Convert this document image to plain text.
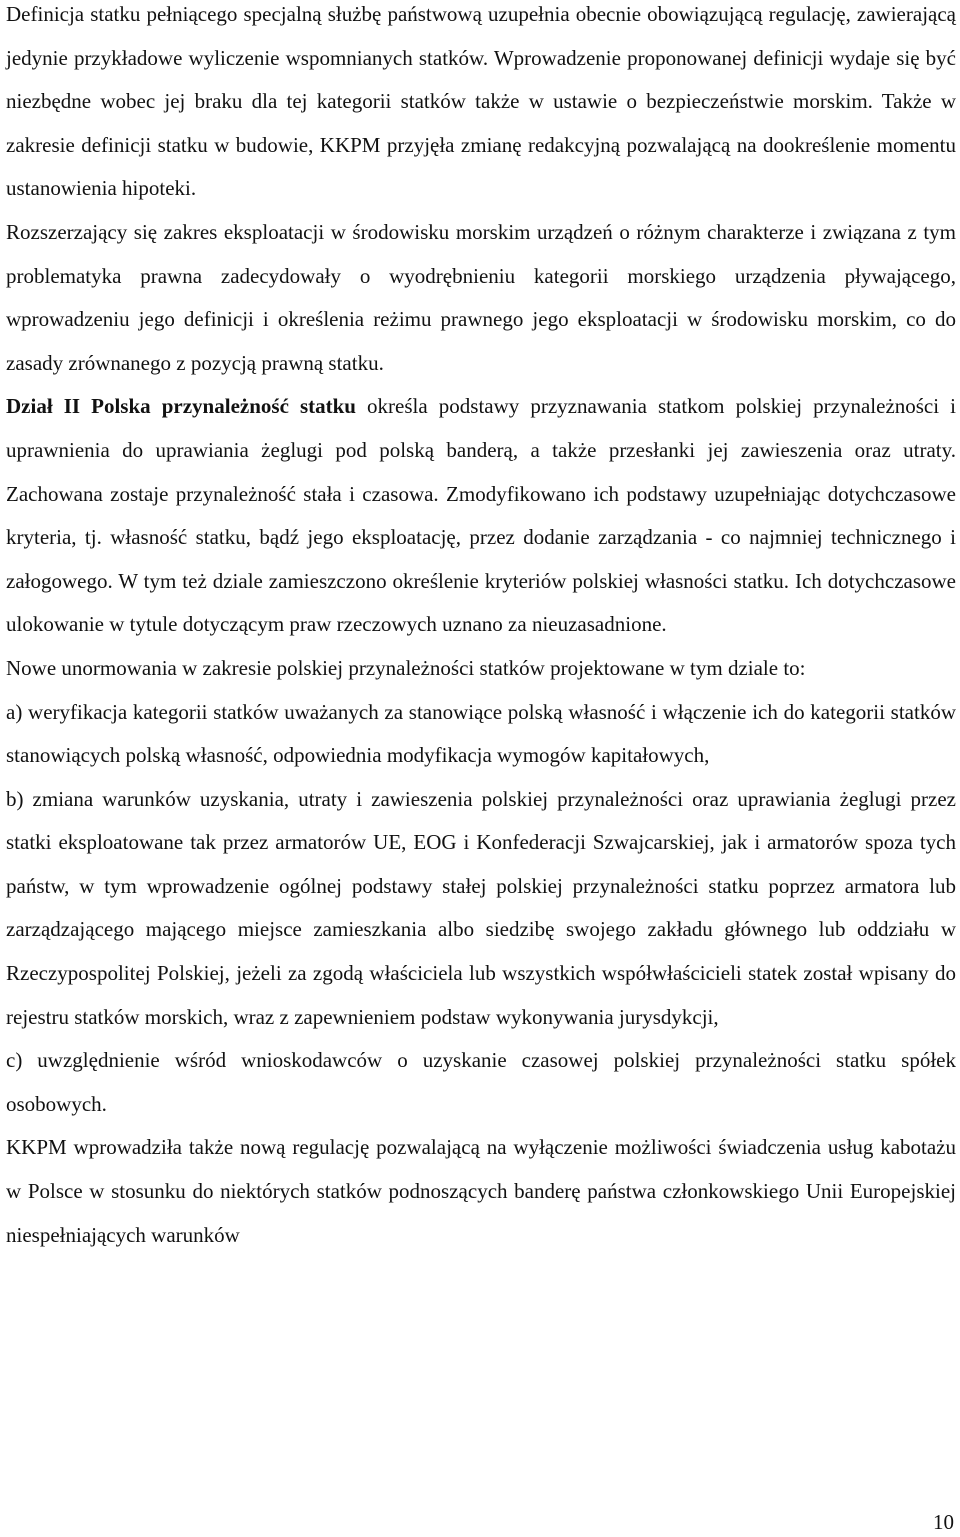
Definicja statku pełniącego specjalną służbę państwową uzupełnia obecnie obowiązującą regulację, zawierającą jedynie przykładowe wyliczenie wspomnianych statków. Wprowadzenie proponowanej definicji wydaje się być niezbędne wobec jej braku dla tej kategorii statków także w ustawie o bezpieczeństwie morskim. Także w zakresie definicji statku w budowie, KKPM przyjęła zmianę redakcyjną pozwalającą na dookreślenie momentu ustanowienia hipoteki.

Rozszerzający się zakres eksploatacji w środowisku morskim urządzeń o różnym charakterze i związana z tym problematyka prawna zadecydowały o wyodrębnieniu kategorii morskiego urządzenia pływającego, wprowadzeniu jego definicji i określenia reżimu prawnego jego eksploatacji w środowisku morskim, co do zasady zrównanego z pozycją prawną statku.

Dział II Polska przynależność statku określa podstawy przyznawania statkom polskiej przynależności i uprawnienia do uprawiania żeglugi pod polską banderą, a także przesłanki jej zawieszenia oraz utraty. Zachowana zostaje przynależność stała i czasowa. Zmodyfikowano ich podstawy uzupełniając dotychczasowe kryteria, tj. własność statku, bądź jego eksploatację, przez dodanie zarządzania - co najmniej technicznego i załogowego. W tym też dziale zamieszczono określenie kryteriów polskiej własności statku. Ich dotychczasowe ulokowanie w tytule dotyczącym praw rzeczowych uznano za nieuzasadnione.

Nowe unormowania w zakresie polskiej przynależności statków projektowane w tym dziale to:

a) weryfikacja kategorii statków uważanych za stanowiące polską własność i włączenie ich do kategorii statków stanowiących polską własność, odpowiednia modyfikacja wymogów kapitałowych,

b) zmiana warunków uzyskania, utraty i zawieszenia polskiej przynależności oraz uprawiania żeglugi przez statki eksploatowane tak przez armatorów UE, EOG i Konfederacji Szwajcarskiej, jak i armatorów spoza tych państw, w tym wprowadzenie ogólnej podstawy stałej polskiej przynależności statku poprzez armatora lub zarządzającego mającego miejsce zamieszkania albo siedzibę swojego zakładu głównego lub oddziału w Rzeczypospolitej Polskiej, jeżeli za zgodą właściciela lub wszystkich współwłaścicieli statek został wpisany do rejestru statków morskich, wraz z zapewnieniem podstaw wykonywania jurysdykcji,

c) uwzględnienie wśród wnioskodawców o uzyskanie czasowej polskiej przynależności statku spółek osobowych.

KKPM wprowadziła także nową regulację pozwalającą na wyłączenie możliwości świadczenia usług kabotażu w Polsce w stosunku do niektórych statków podnoszących banderę państwa członkowskiego Unii Europejskiej niespełniających warunków

10
